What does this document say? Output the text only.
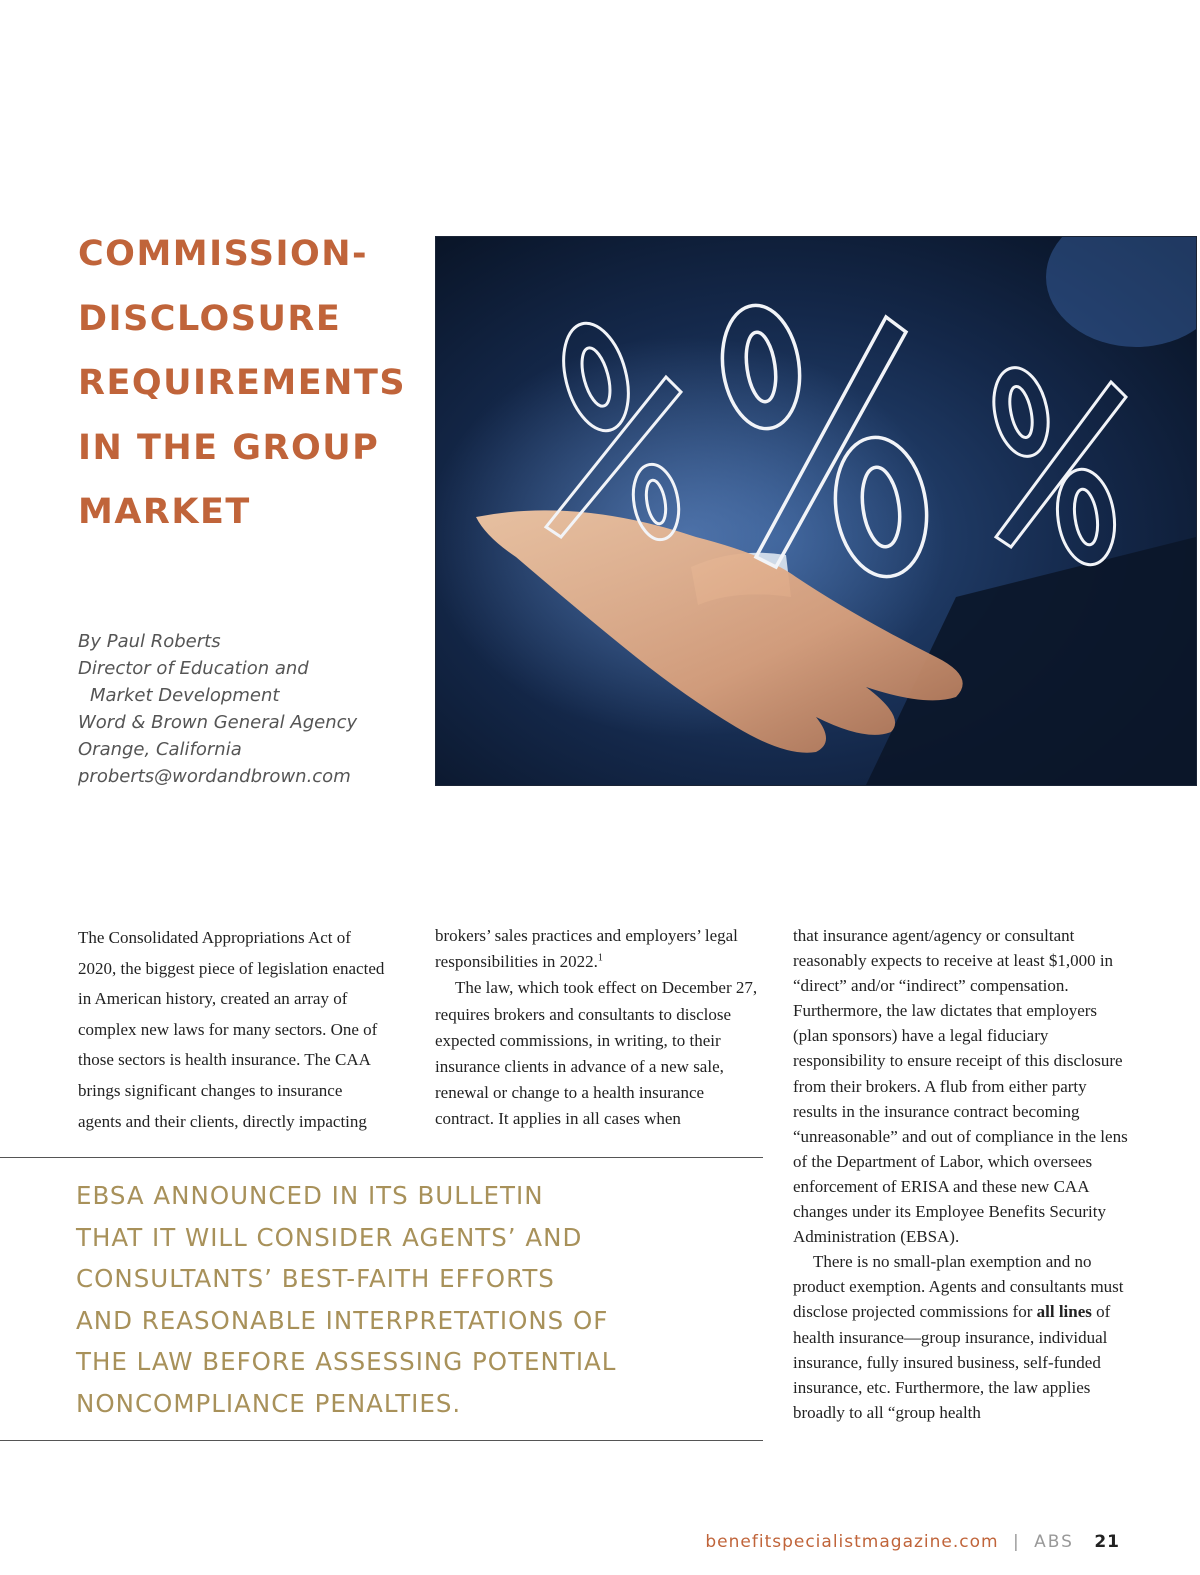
COMMISSION-
DISCLOSURE
REQUIREMENTS
IN THE GROUP
MARKET
By Paul Roberts
Director of Education and
Market Development
Word & Brown General Agency
Orange, California
proberts@wordandbrown.com

The Consolidated Appropriations Act of
2020, the biggest piece of legislation enacted
in American history, created an array of
complex new laws for many sectors. One of
those sectors is health insurance. The CAA
brings significant changes to insurance
agents and their clients, directly impacting

brokers’ sales practices and employers’ legal responsibilities in 2022.$^1$

The law, which took effect on December 27, requires brokers and consultants to disclose expected commissions, in writing, to their insurance clients in advance of a new sale, renewal or change to a health insurance contract. It applies in all cases when

that insurance agent/agency or consultant reasonably expects to receive at least $1,000 in “direct” and/or “indirect” compensation. Furthermore, the law dictates that employers (plan sponsors) have a legal fiduciary responsibility to ensure receipt of this disclosure from their brokers. A flub from either party results in the insurance contract becoming “unreasonable” and out of compliance in the lens of the Department of Labor, which oversees enforcement of ERISA and these new CAA changes under its Employee Benefits Security Administration (EBSA).

There is no small-plan exemption and no product exemption. Agents and consultants must disclose projected commissions for all lines of health insurance—group insurance, individual insurance, fully insured business, self-funded insurance, etc. Furthermore, the law applies broadly to all “group health

EBSA ANNOUNCED IN ITS BULLETIN
THAT IT WILL CONSIDER AGENTS’ AND
CONSULTANTS’ BEST-FAITH EFFORTS
AND REASONABLE INTERPRETATIONS OF
THE LAW BEFORE ASSESSING POTENTIAL
NONCOMPLIANCE PENALTIES.
benefitspecialistmagazine.com | ABS 21
